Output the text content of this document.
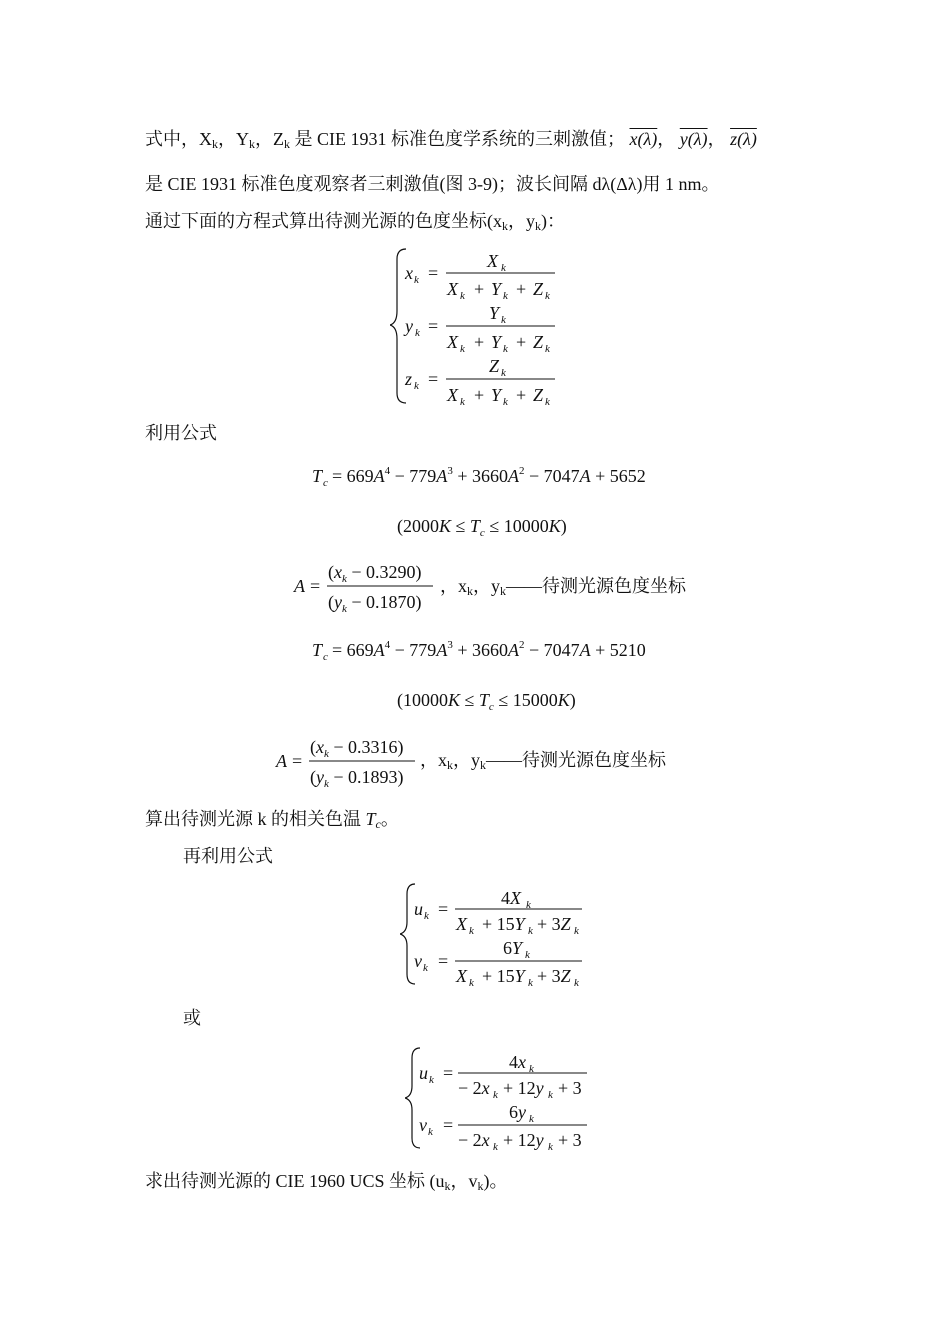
式中，$X_k$，$Y_k$，$Z_k$ 是 CIE 1931 标准色度学系统的三刺激值； x(λ)， y(λ)， z(λ)
是 CIE 1931 标准色度观察者三刺激值(图 3-9)；波长间隔 dλ(Δλ)用 1 nm。
通过下面的方程式算出待测光源的色度坐标($x_k$，$y_k$)：
x k =
X k
X k + Y k + Z k
y k =
Y k
X k + Y k + Z k
z k =
Z k
X k + Y k + Z k
利用公式
T $c = 669A^4 - 779A^3 + 3660A^2 - 7047A + 5652$
$(2000K \le T_c \le 10000K)$
A =
$(x_k - 0.3290)$
$(y_k - 0.1870)$
，$x_k$，$y_k——$待测光源色度坐标
T $c = 669A^4 - 779A^3 + 3660A^2 - 7047A + 5210$
$(10000K \le T_c \le 15000K)$
A =
$(x_k - 0.3316)$
$(y_k - 0.1893)$
，$x_k$，$y_k——$待测光源色度坐标
算出待测光源 k 的相关色温 $T_c$。
再利用公式
u k =
4X k
X k + 15Y k + 3Z k
v k =
6Y k
X k + 15Y k + 3Z k
或
u k =
4x k
− 2x k + 12y k + 3
v k =
6y k
− 2x k + 12y k + 3
求出待测光源的 CIE 1960 UCS 坐标 ($u_k$，$v_k$)。
